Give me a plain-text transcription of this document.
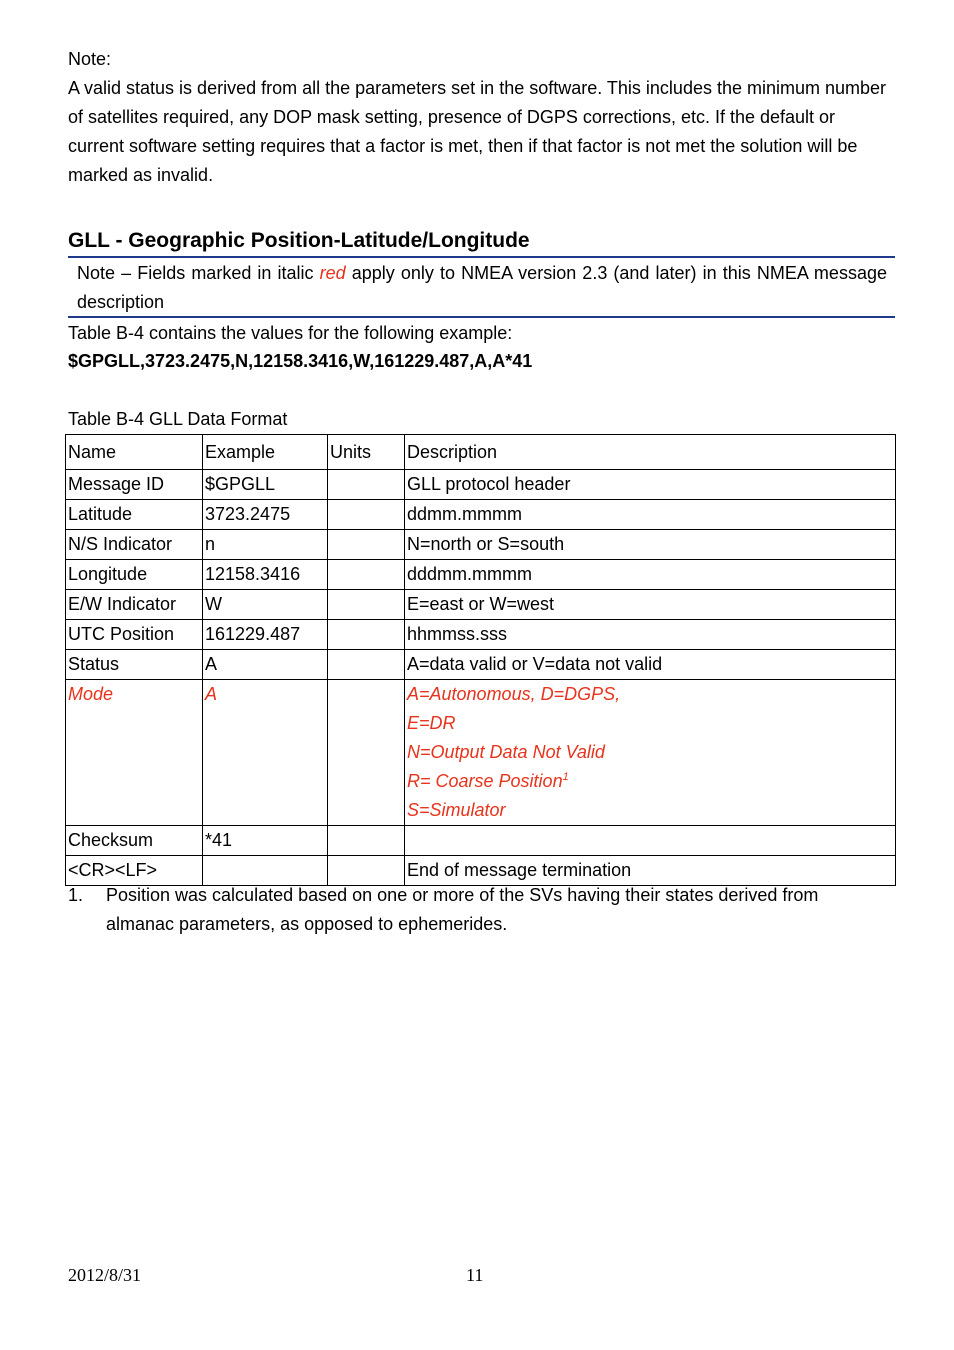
Note:
A valid status is derived from all the parameters set in the software. This includes the minimum number of satellites required, any DOP mask setting, presence of DGPS corrections, etc. If the default or current software setting requires that a factor is met, then if that factor is not met the solution will be marked as invalid.
GLL - Geographic Position-Latitude/Longitude
Note – Fields marked in italic red apply only to NMEA version 2.3 (and later) in this NMEA message description
Table B-4 contains the values for the following example:
$GPGLL,3723.2475,N,12158.3416,W,161229.487,A,A*41
Table B-4 GLL Data Format
Name	Example	Units	Description
Message ID	$GPGLL		GLL protocol header
Latitude	3723.2475		ddmm.mmmm
N/S Indicator	n		N=north or S=south
Longitude	12158.3416		dddmm.mmmm
E/W Indicator	W		E=east or W=west
UTC Position	161229.487		hhmmss.sss
Status	A		A=data valid or V=data not valid

Mode	A		A=Autonomous, D=DGPS,
E=DR
N=Output Data Not Valid
R= Coarse Position$^1$
S=Simulator

Checksum	*41		
<CR><LF>			End of message termination
1. Position was calculated based on one or more of the SVs having their states derived from almanac parameters, as opposed to ephemerides.
2012/8/31	11
